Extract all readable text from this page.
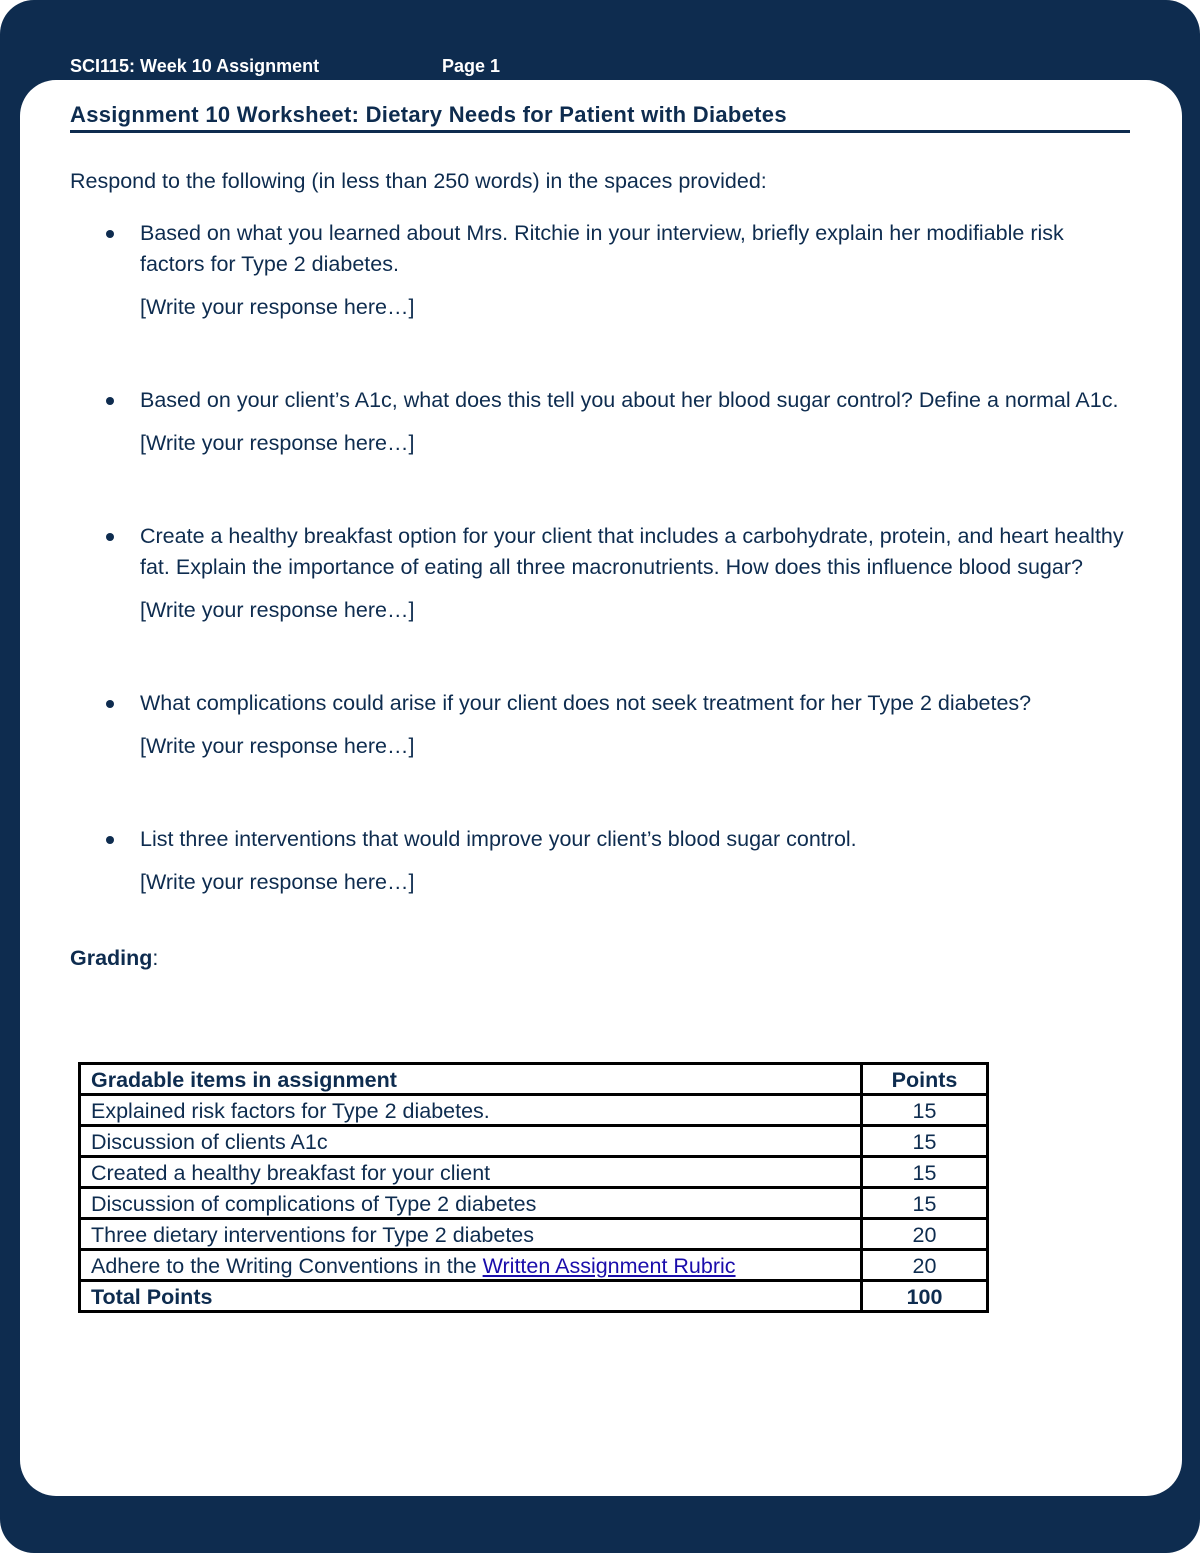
SCI115: Week 10 Assignment	Page 1
Assignment 10 Worksheet: Dietary Needs for Patient with Diabetes
Respond to the following (in less than 250 words) in the spaces provided:
Based on what you learned about Mrs. Ritchie in your interview, briefly explain her modifiable risk factors for Type 2 diabetes.
[Write your response here…]
Based on your client’s A1c, what does this tell you about her blood sugar control? Define a normal A1c.
[Write your response here…]
Create a healthy breakfast option for your client that includes a carbohydrate, protein, and heart healthy fat. Explain the importance of eating all three macronutrients. How does this influence blood sugar?
[Write your response here…]
What complications could arise if your client does not seek treatment for her Type 2 diabetes?
[Write your response here…]
List three interventions that would improve your client’s blood sugar control.
[Write your response here…]
Grading:
Gradable items in assignment	Points
Explained risk factors for Type 2 diabetes.	15
Discussion of clients A1c	15
Created a healthy breakfast for your client	15
Discussion of complications of Type 2 diabetes	15
Three dietary interventions for Type 2 diabetes	20
Adhere to the Writing Conventions in the Written Assignment Rubric	20
Total Points	100
